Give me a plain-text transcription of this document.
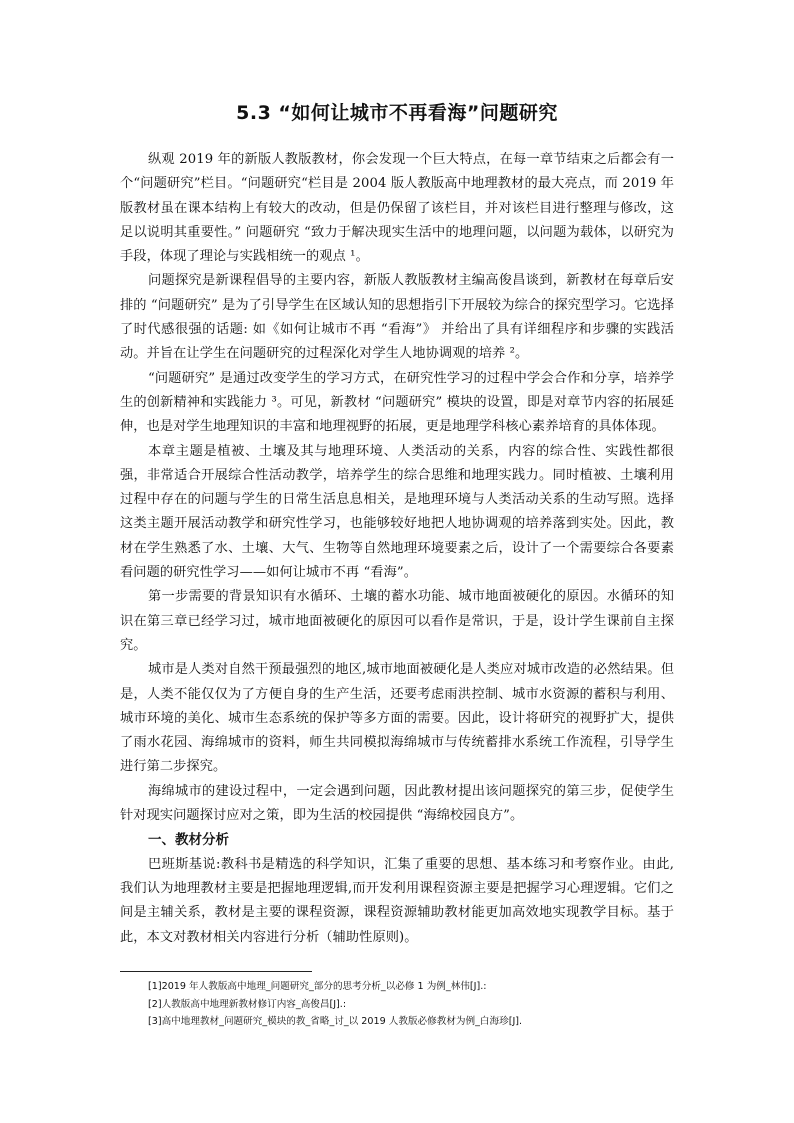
5.3 “如何让城市不再看海”问题研究

纵观 2019 年的新版人教版教材，你会发现一个巨大特点，在每一章节结束之后都会有一个“问题研究”栏目。“问题研究“栏目是 2004 版人教版高中地理教材的最大亮点，而 2019 年版教材虽在课本结构上有较大的改动，但是仍保留了该栏目，并对该栏目进行整理与修改，这足以说明其重要性。” 问题研究 “致力于解决现实生活中的地理问题，以问题为载体，以研究为手段，体现了理论与实践相统一的观点 ¹。

问题探究是新课程倡导的主要内容，新版人教版教材主编高俊昌谈到，新教材在每章后安排的 “问题研究” 是为了引导学生在区域认知的思想指引下开展较为综合的探究型学习。它选择了时代感很强的话题: 如《如何让城市不再 “看海”》 并给出了具有详细程序和步骤的实践活动。并旨在让学生在问题研究的过程深化对学生人地协调观的培养 ²。

“问题研究” 是通过改变学生的学习方式，在研究性学习的过程中学会合作和分享，培养学生的创新精神和实践能力 ³。可见，新教材 “问题研究” 模块的设置，即是对章节内容的拓展延伸，也是对学生地理知识的丰富和地理视野的拓展，更是地理学科核心素养培育的具体体现。

本章主题是植被、土壤及其与地理环境、人类活动的关系，内容的综合性、实践性都很强，非常适合开展综合性活动教学，培养学生的综合思维和地理实践力。同时植被、土壤利用过程中存在的问题与学生的日常生活息息相关，是地理环境与人类活动关系的生动写照。选择这类主题开展活动教学和研究性学习，也能够较好地把人地协调观的培养落到实处。因此，教材在学生熟悉了水、土壤、大气、生物等自然地理环境要素之后，设计了一个需要综合各要素看问题的研究性学习——如何让城市不再 “看海”。

第一步需要的背景知识有水循环、土壤的蓄水功能、城市地面被硬化的原因。水循环的知识在第三章已经学习过，城市地面被硬化的原因可以看作是常识，于是，设计学生课前自主探究。

城市是人类对自然干预最强烈的地区,城市地面被硬化是人类应对城市改造的必然结果。但是，人类不能仅仅为了方便自身的生产生活，还要考虑雨洪控制、城市水资源的蓄积与利用、城市环境的美化、城市生态系统的保护等多方面的需要。因此，设计将研究的视野扩大，提供了雨水花园、海绵城市的资料，师生共同模拟海绵城市与传统蓄排水系统工作流程，引导学生进行第二步探究。

海绵城市的建设过程中，一定会遇到问题，因此教材提出该问题探究的第三步，促使学生针对现实问题探讨应对之策，即为生活的校园提供 “海绵校园良方”。

一、教材分析

巴班斯基说:教科书是精选的科学知识，汇集了重要的思想、基本练习和考察作业。由此,我们认为地理教材主要是把握地理逻辑,而开发利用课程资源主要是把握学习心理逻辑。它们之间是主辅关系，教材是主要的课程资源，课程资源辅助教材能更加高效地实现教学目标。基于此，本文对教材相关内容进行分析（辅助性原则)。

[1]2019 年人教版高中地理_问题研究_部分的思考分析_以必修 1 为例_林伟[J].:

[2]人教版高中地理新教材修订内容_高俊昌[J].:

[3]高中地理教材_问题研究_模块的教_省略_讨_以 2019 人教版必修教材为例_白海珍[J].
